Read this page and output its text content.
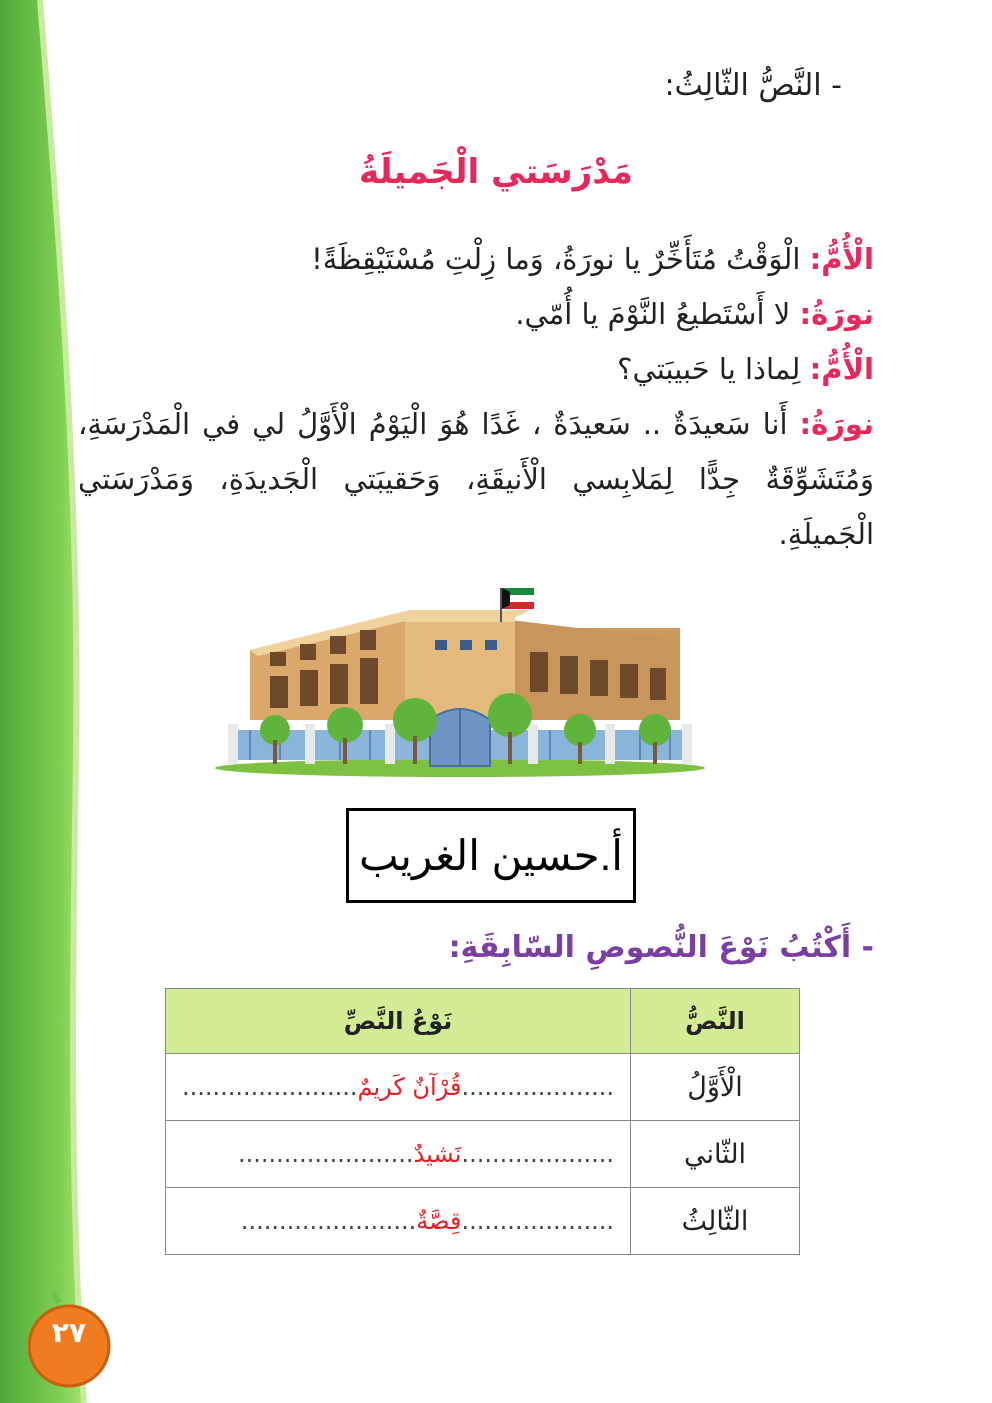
- النَّصُّ الثّالِثُ:
مَدْرَسَتي الْجَميلَةُ
الْأُمُّ: الْوَقْتُ مُتَأَخِّرٌ يا نورَةُ، وَما زِلْتِ مُسْتَيْقِظَةً!
نورَةُ: لا أَسْتَطيعُ النَّوْمَ يا أُمّي.
الْأُمُّ: لِماذا يا حَبيبَتي؟
نورَةُ: أَنا سَعيدَةٌ .. سَعيدَةٌ ، غَدًا هُوَ الْيَوْمُ الْأَوَّلُ لي في الْمَدْرَسَةِ، وَمُتَشَوِّقَةٌ جِدًّا لِمَلابِسي الْأَنيقَةِ، وَحَقيبَتي الْجَديدَةِ، وَمَدْرَسَتي الْجَميلَةِ.
أ.حسين الغريب
- أَكْتُبُ نَوْعَ النُّصوصِ السّابِقَةِ:
النَّصُّ	نَوْعُ النَّصِّ
الْأَوَّلُ	....................قُرْآنٌ كَريمٌ.......................
الثّاني	....................نَشيدٌ.......................
الثّالِثُ	....................قِصَّةٌ.......................
٢٧
